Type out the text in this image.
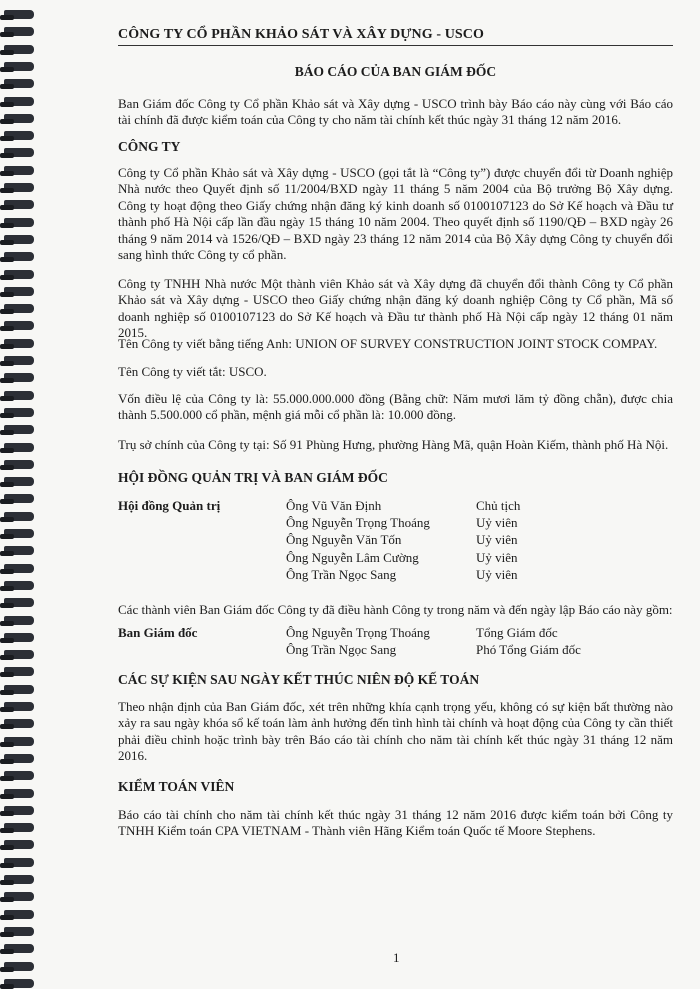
CÔNG TY CỔ PHẦN KHẢO SÁT VÀ XÂY DỰNG - USCO
BÁO CÁO CỦA BAN GIÁM ĐỐC
Ban Giám đốc Công ty Cổ phần Khảo sát và Xây dựng - USCO trình bày Báo cáo này cùng với Báo cáo tài chính đã được kiểm toán của Công ty cho năm tài chính kết thúc ngày 31 tháng 12 năm 2016.
CÔNG TY
Công ty Cổ phần Khảo sát và Xây dựng - USCO (gọi tắt là “Công ty”) được chuyển đổi từ Doanh nghiệp Nhà nước theo Quyết định số 11/2004/BXD ngày 11 tháng 5 năm 2004 của Bộ trưởng Bộ Xây dựng. Công ty hoạt động theo Giấy chứng nhận đăng ký kinh doanh số 0100107123 do Sở Kế hoạch và Đầu tư thành phố Hà Nội cấp lần đầu ngày 15 tháng 10 năm 2004. Theo quyết định số 1190/QĐ – BXD ngày 26 tháng 9 năm 2014 và 1526/QĐ – BXD ngày 23 tháng 12 năm 2014 của Bộ Xây dựng Công ty chuyển đổi sang hình thức Công ty cổ phần.
Công ty TNHH Nhà nước Một thành viên Khảo sát và Xây dựng đã chuyển đổi thành Công ty Cổ phần Khảo sát và Xây dựng - USCO theo Giấy chứng nhận đăng ký doanh nghiệp Công ty Cổ phần, Mã số doanh nghiệp số 0100107123 do Sở Kế hoạch và Đầu tư thành phố Hà Nội cấp ngày 12 tháng 01 năm 2015.
Tên Công ty viết bằng tiếng Anh: UNION OF SURVEY CONSTRUCTION JOINT STOCK COMPAY.
Tên Công ty viết tắt: USCO.
Vốn điều lệ của Công ty là: 55.000.000.000 đồng (Bằng chữ: Năm mươi lăm tỷ đồng chẵn), được chia thành 5.500.000 cổ phần, mệnh giá mỗi cổ phần là: 10.000 đồng.
Trụ sở chính của Công ty tại: Số 91 Phùng Hưng, phường Hàng Mã, quận Hoàn Kiếm, thành phố Hà Nội.
HỘI ĐỒNG QUẢN TRỊ VÀ BAN GIÁM ĐỐC
Hội đồng Quản trị	Ông Vũ Văn Định	Chủ tịch
Ông Nguyễn Trọng Thoáng	Uỷ viên
Ông Nguyễn Văn Tốn	Uỷ viên
Ông Nguyễn Lâm Cường	Uỷ viên
Ông Trần Ngọc Sang	Uỷ viên
Các thành viên Ban Giám đốc Công ty đã điều hành Công ty trong năm và đến ngày lập Báo cáo này gồm:
Ban Giám đốc	Ông Nguyễn Trọng Thoáng	Tổng Giám đốc
Ông Trần Ngọc Sang	Phó Tổng Giám đốc
CÁC SỰ KIỆN SAU NGÀY KẾT THÚC NIÊN ĐỘ KẾ TOÁN
Theo nhận định của Ban Giám đốc, xét trên những khía cạnh trọng yếu, không có sự kiện bất thường nào xảy ra sau ngày khóa sổ kế toán làm ảnh hưởng đến tình hình tài chính và hoạt động của Công ty cần thiết phải điều chỉnh hoặc trình bày trên Báo cáo tài chính cho năm tài chính kết thúc ngày 31 tháng 12 năm 2016.
KIỂM TOÁN VIÊN
Báo cáo tài chính cho năm tài chính kết thúc ngày 31 tháng 12 năm 2016 được kiểm toán bởi Công ty TNHH Kiểm toán CPA VIETNAM - Thành viên Hãng Kiểm toán Quốc tế Moore Stephens.
1
